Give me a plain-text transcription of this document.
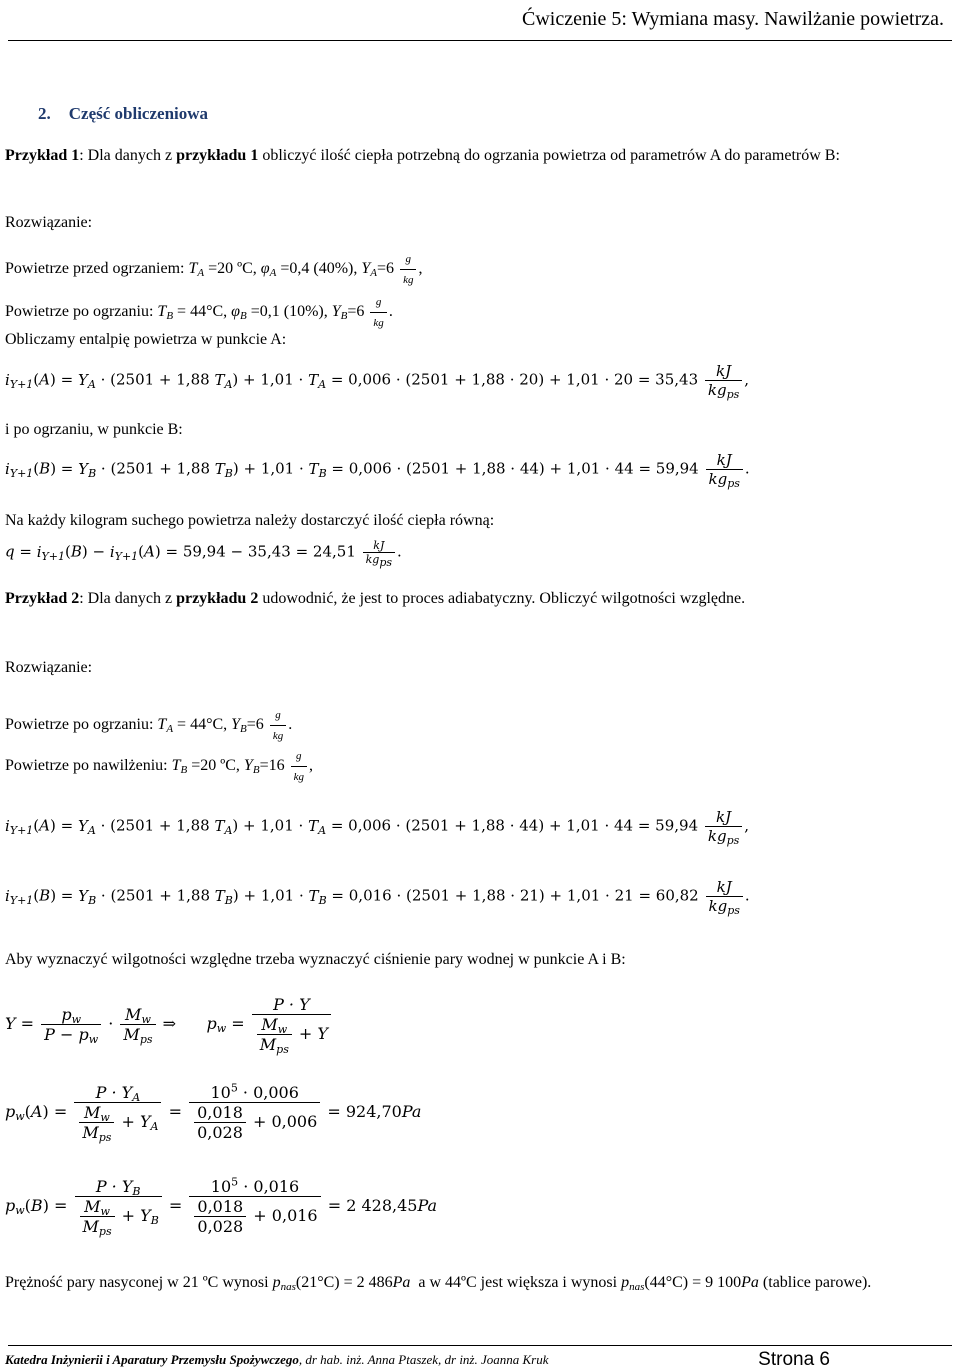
Ćwiczenie 5: Wymiana masy. Nawilżanie powietrza.
2. Część obliczeniowa
Przykład 1: Dla danych z przykładu 1 obliczyć ilość ciepła potrzebną do ogrzania powietrza od parametrów A do parametrów B:
Rozwiązanie:
Powietrze przed ogrzaniem: $T_A =20$ ºC, $\varphi_A =0,4$ (40%), $Y_A=6 \frac{g}{kg}$ ,
Powietrze po ogrzaniu: $T_B = 44^\circ C$, $\varphi_B =0,1$ (10%), $Y_B=6 \frac{g}{kg}$ .
Obliczamy entalpię powietrza w punkcie A:
$i_{Y+1}(A) = Y_A \cdot (2501 + 1,88$ $T_A) + 1,01 \cdot T_A = 0,006 \cdot (2501 + 1,88 \cdot 20) + 1,01 \cdot 20 = 35,43 \frac{kJ}{kg_{ps}}$ ,
i po ogrzaniu, w punkcie B:
$i_{Y+1}(B) = Y_B \cdot (2501 + 1,88$ $T_B) + 1,01 \cdot T_B = 0,006 \cdot (2501 + 1,88 \cdot 44) + 1,01 \cdot 44 = 59,94 \frac{kJ}{kg_{ps}}$ .
Na każdy kilogram suchego powietrza należy dostarczyć ilość ciepła równą:
$q = i_{Y+1}(B) - i_{Y+1}(A) = 59,94 - 35,43 = 24,51 \frac{kJ}{kg_{ps}}$ .
Przykład 2: Dla danych z przykładu 2 udowodnić, że jest to proces adiabatyczny. Obliczyć wilgotności względne.
Rozwiązanie:
Powietrze po ogrzaniu: $T_A = 44^\circ C$, $Y_B=6 \frac{g}{kg}$ .
Powietrze po nawilżeniu: $T_B =20$ ºC, $Y_B=16 \frac{g}{kg}$ ,
$i_{Y+1}(A) = Y_A \cdot (2501 + 1,88$ $T_A) + 1,01 \cdot T_A = 0,006 \cdot (2501 + 1,88 \cdot 44) + 1,01 \cdot 44 = 59,94 \frac{kJ}{kg_{ps}}$ ,
$i_{Y+1}(B) = Y_B \cdot (2501 + 1,88$ $T_B) + 1,01 \cdot T_B = 0,016 \cdot (2501 + 1,88 \cdot 21) + 1,01 \cdot 21 = 60,82 \frac{kJ}{kg_{ps}}$ .
Aby wyznaczyć wilgotności względne trzeba wyznaczyć ciśnienie pary wodnej w punkcie A i B:
$Y = \frac{p_w}{P - p_w} \cdot \frac{M_w}{M_{ps}}$ ⇒      $p_w = \frac{P \cdot Y}{\frac{M_w}{M_{ps}} + Y}$
$p_w(A) = \frac{P \cdot Y_A}{\frac{M_w}{M_{ps}} + Y_A} = \frac{10^5 \cdot 0,006}{\frac{0,018}{0,028} + 0,006} = 924,70Pa$
$p_w(B) = \frac{P \cdot Y_B}{\frac{M_w}{M_{ps}} + Y_B} = \frac{10^5 \cdot 0,016}{\frac{0,018}{0,028} + 0,016} = 2$ 428,45Pa
Prężność pary nasyconej w 21 ºC wynosi $p_{nas}(21^\circ C) = 2$ 486Pa  a w 44ºC jest większa i wynosi $p_{nas}(44^\circ C) = 9$ 100Pa (tablice parowe).
Katedra Inżynierii i Aparatury Przemysłu Spożywczego, dr hab. inż. Anna Ptaszek, dr inż. Joanna Kruk	Strona 6
